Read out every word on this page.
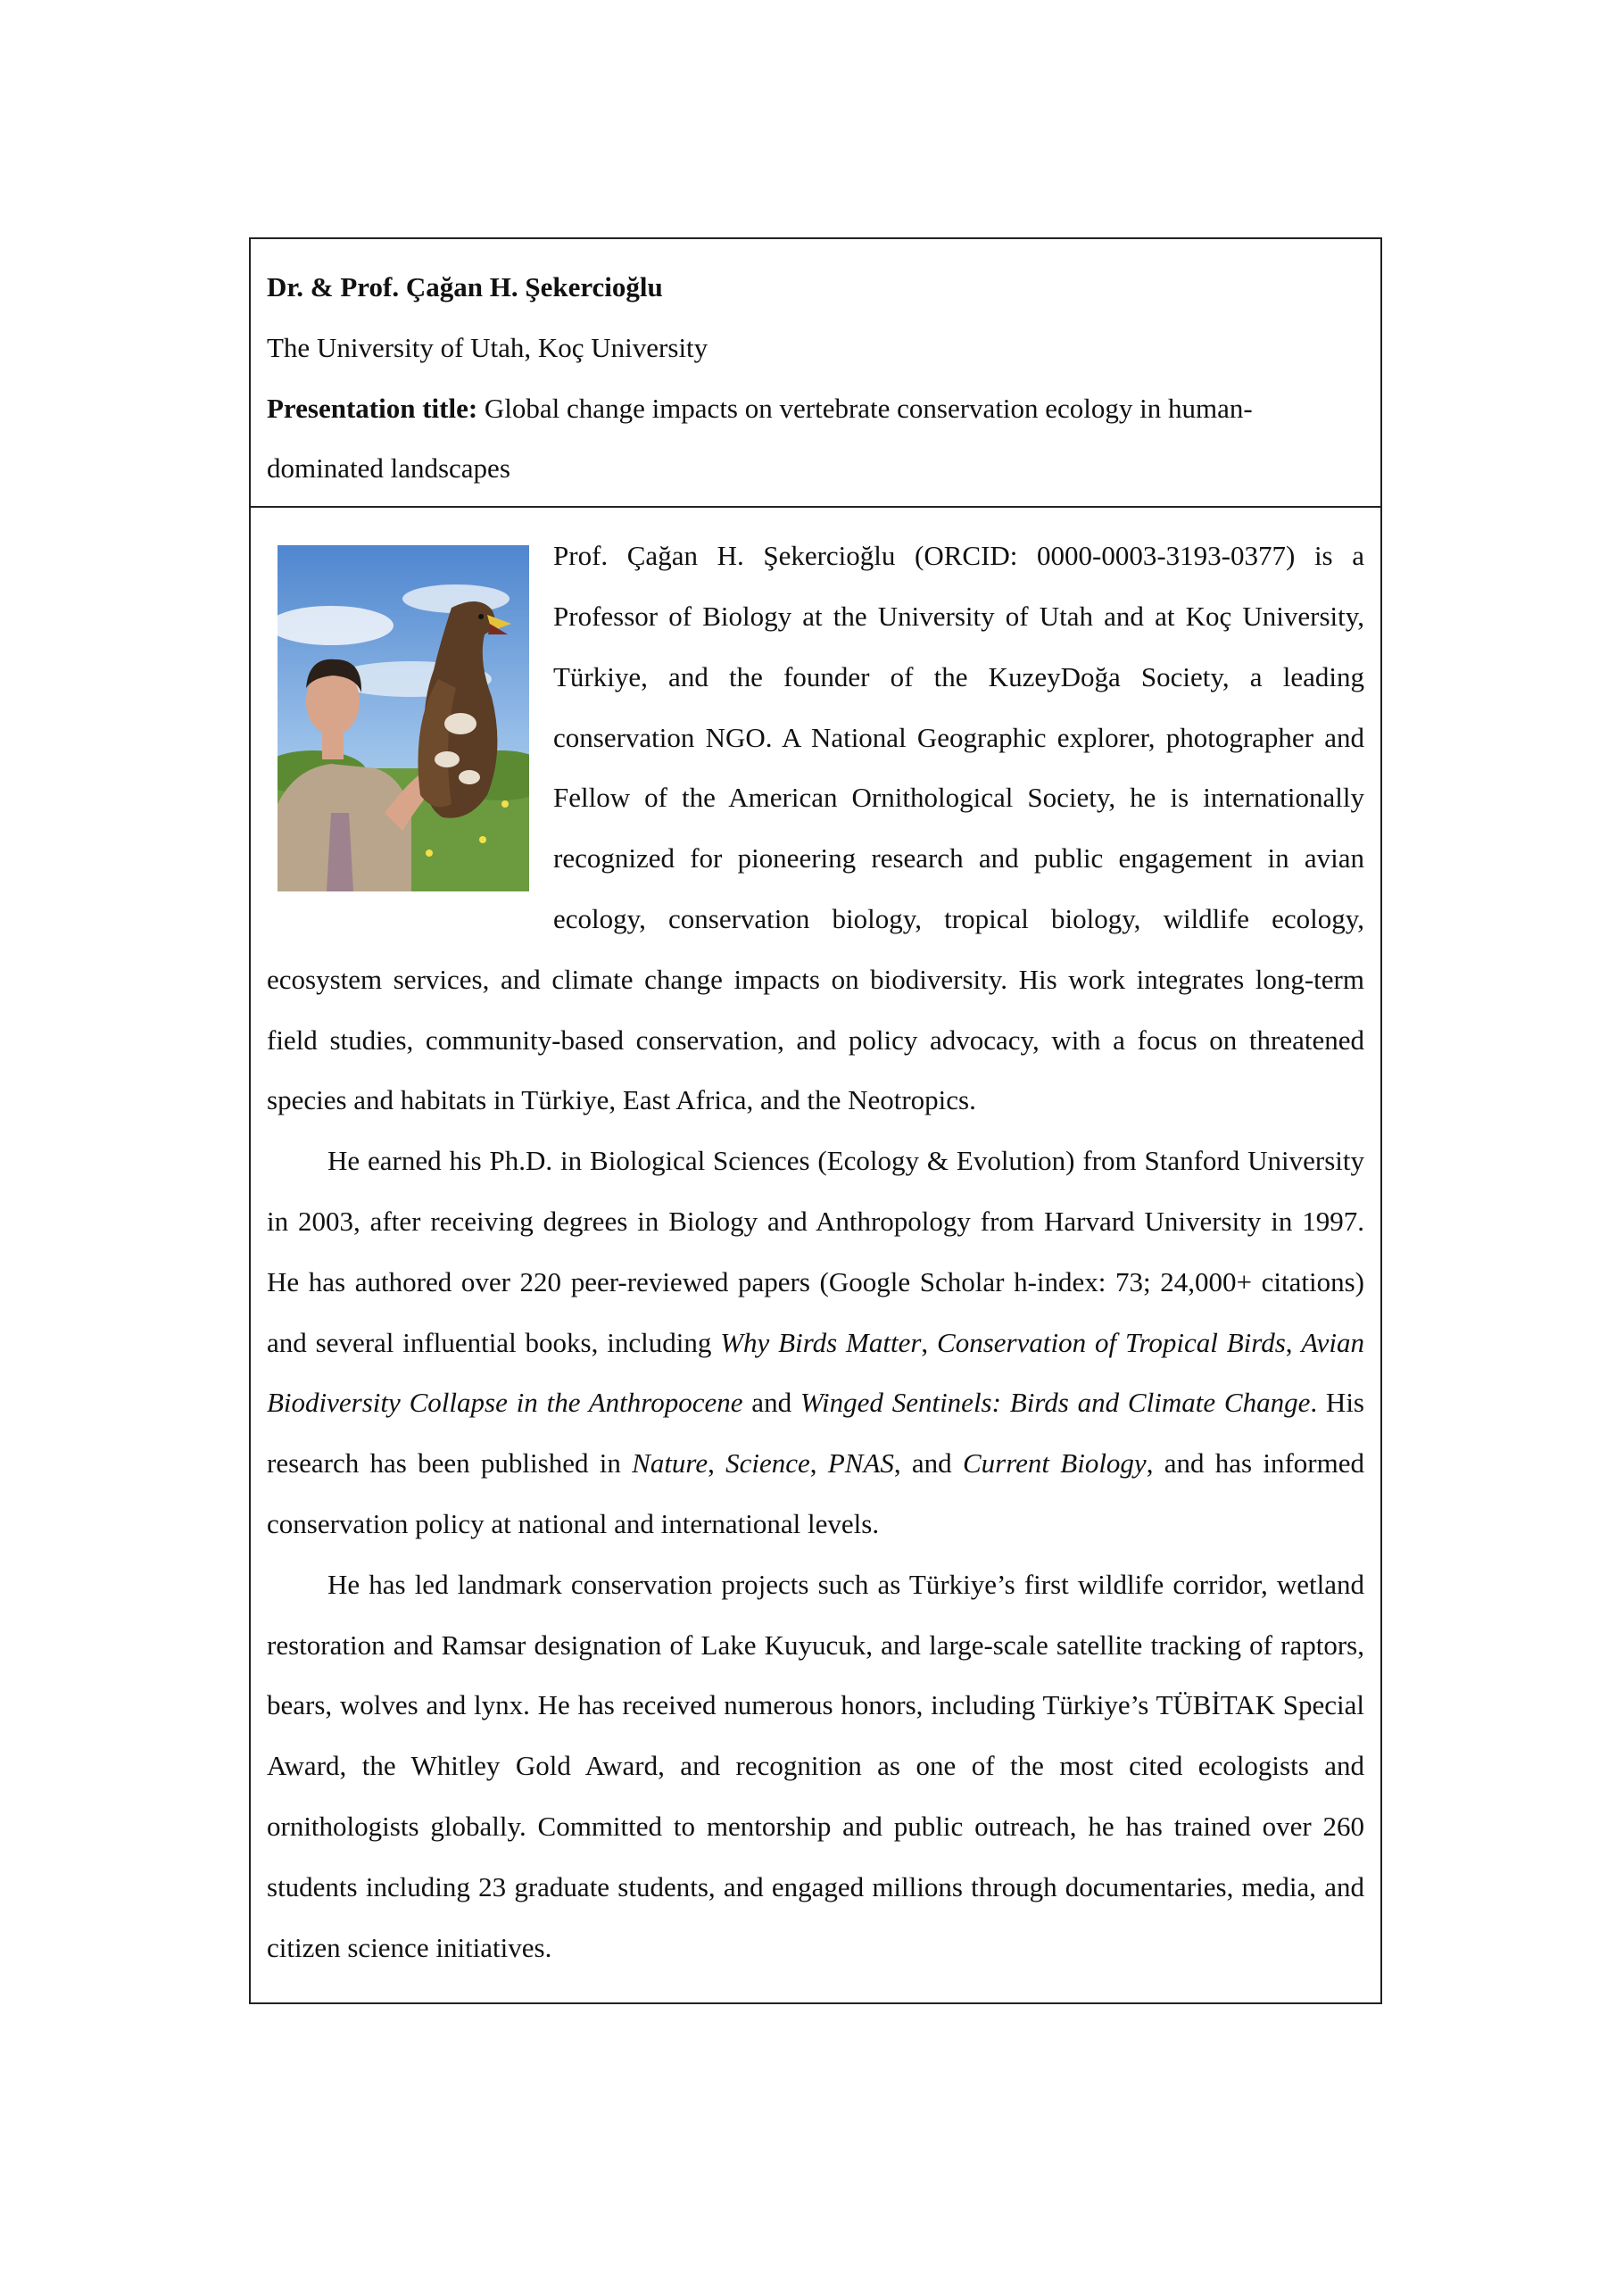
Dr. & Prof. Çağan H. Şekercioğlu

The University of Utah, Koç University

Presentation title: Global change impacts on vertebrate conservation ecology in human-dominated landscapes

Prof. Çağan H. Şekercioğlu (ORCID: 0000-0003-3193-0377) is a Professor of Biology at the University of Utah and at Koç University, Türkiye, and the founder of the KuzeyDoğa Society, a leading conservation NGO. A National Geographic explorer, photographer and Fellow of the American Ornithological Society, he is internationally recognized for pioneering research and public engagement in avian ecology, conservation biology, tropical biology, wildlife ecology, ecosystem services, and climate change impacts on biodiversity. His work integrates long-term field studies, community-based conservation, and policy advocacy, with a focus on threatened species and habitats in Türkiye, East Africa, and the Neotropics.

He earned his Ph.D. in Biological Sciences (Ecology & Evolution) from Stanford University in 2003, after receiving degrees in Biology and Anthropology from Harvard University in 1997. He has authored over 220 peer-reviewed papers (Google Scholar h-index: 73; 24,000+ citations) and several influential books, including Why Birds Matter, Conservation of Tropical Birds, Avian Biodiversity Collapse in the Anthropocene and Winged Sentinels: Birds and Climate Change. His research has been published in Nature, Science, PNAS, and Current Biology, and has informed conservation policy at national and international levels.

He has led landmark conservation projects such as Türkiye’s first wildlife corridor, wetland restoration and Ramsar designation of Lake Kuyucuk, and large-scale satellite tracking of raptors, bears, wolves and lynx. He has received numerous honors, including Türkiye’s TÜBİTAK Special Award, the Whitley Gold Award, and recognition as one of the most cited ecologists and ornithologists globally. Committed to mentorship and public outreach, he has trained over 260 students including 23 graduate students, and engaged millions through documentaries, media, and citizen science initiatives.
